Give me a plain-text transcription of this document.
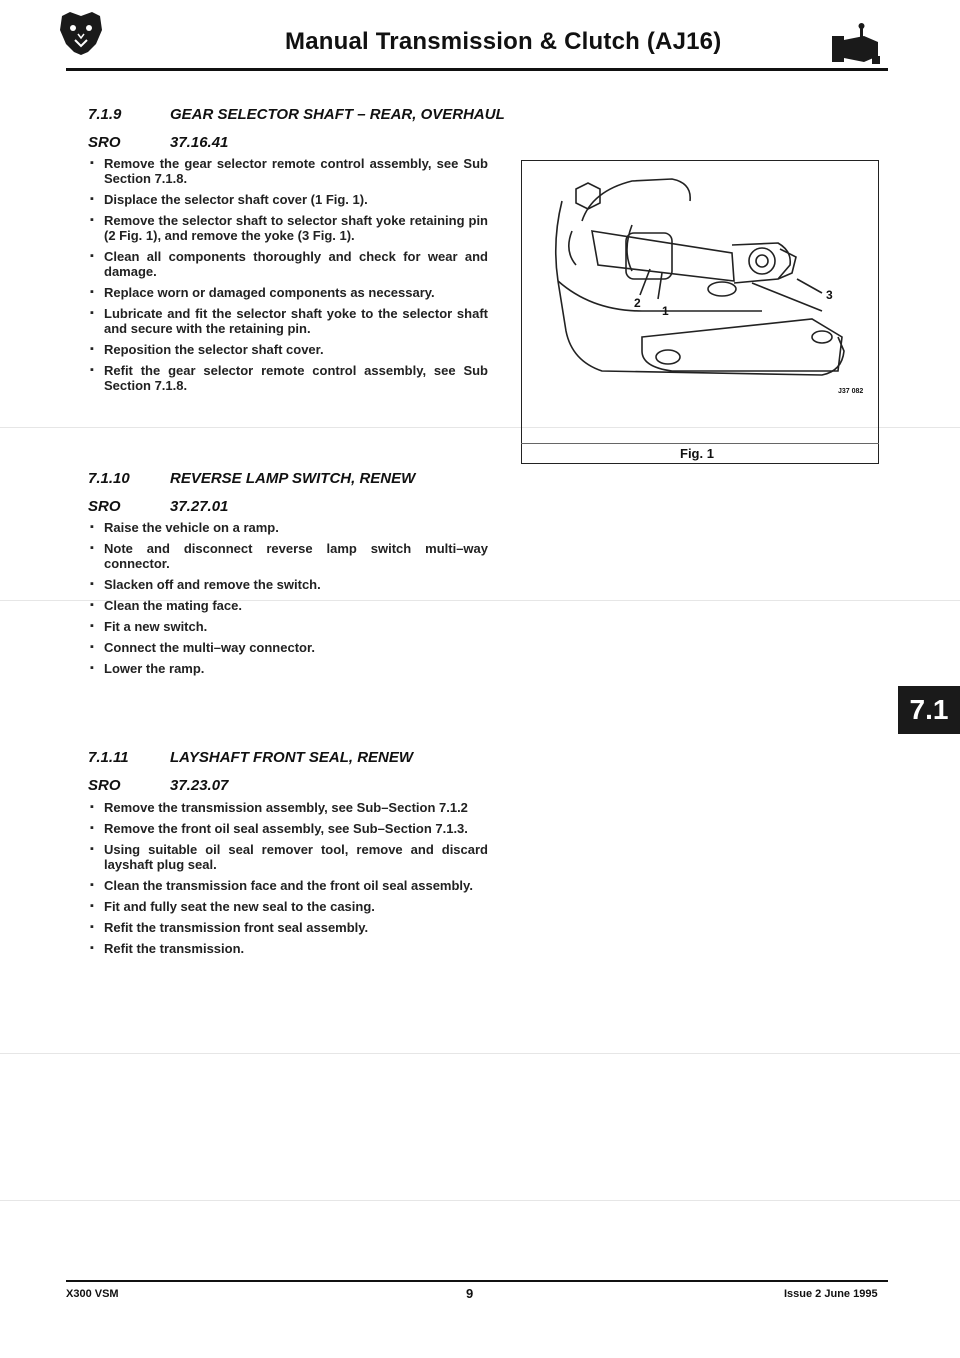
Manual Transmission & Clutch (AJ16)
7.1.9	GEAR SELECTOR SHAFT – REAR, OVERHAUL
SRO	37.16.41
▪ Remove the gear selector remote control assembly, see Sub Section 7.1.8.
▪ Displace the selector shaft cover (1 Fig. 1).
▪ Remove the selector shaft to selector shaft yoke retaining pin (2 Fig. 1), and remove the yoke (3 Fig. 1).
▪ Clean all components thoroughly and check for wear and damage.
▪ Replace worn or damaged components as necessary.
▪ Lubricate and fit the selector shaft yoke to the selector shaft and secure with the retaining pin.
▪ Reposition the selector shaft cover.
▪ Refit the gear selector remote control assembly, see Sub Section 7.1.8.
2
1
3
J37 082
Fig. 1
7.1.10	REVERSE LAMP SWITCH, RENEW
SRO	37.27.01
▪ Raise the vehicle on a ramp.
▪ Note and disconnect reverse lamp switch multi–way connector.
▪ Slacken off and remove the switch.
▪ Clean the mating face.
▪ Fit a new switch.
▪ Connect the multi–way connector.
▪ Lower the ramp.
7.1.11	LAYSHAFT FRONT SEAL, RENEW
SRO	37.23.07
▪ Remove the transmission assembly, see Sub–Section 7.1.2
▪ Remove the front oil seal assembly, see Sub–Section 7.1.3.
▪ Using suitable oil seal remover tool, remove and discard layshaft plug seal.
▪ Clean the transmission face and the front oil seal assembly.
▪ Fit and fully seat the new seal to the casing.
▪ Refit the transmission front seal assembly.
▪ Refit the transmission.
7.1
X300 VSM	9	Issue 2 June 1995
